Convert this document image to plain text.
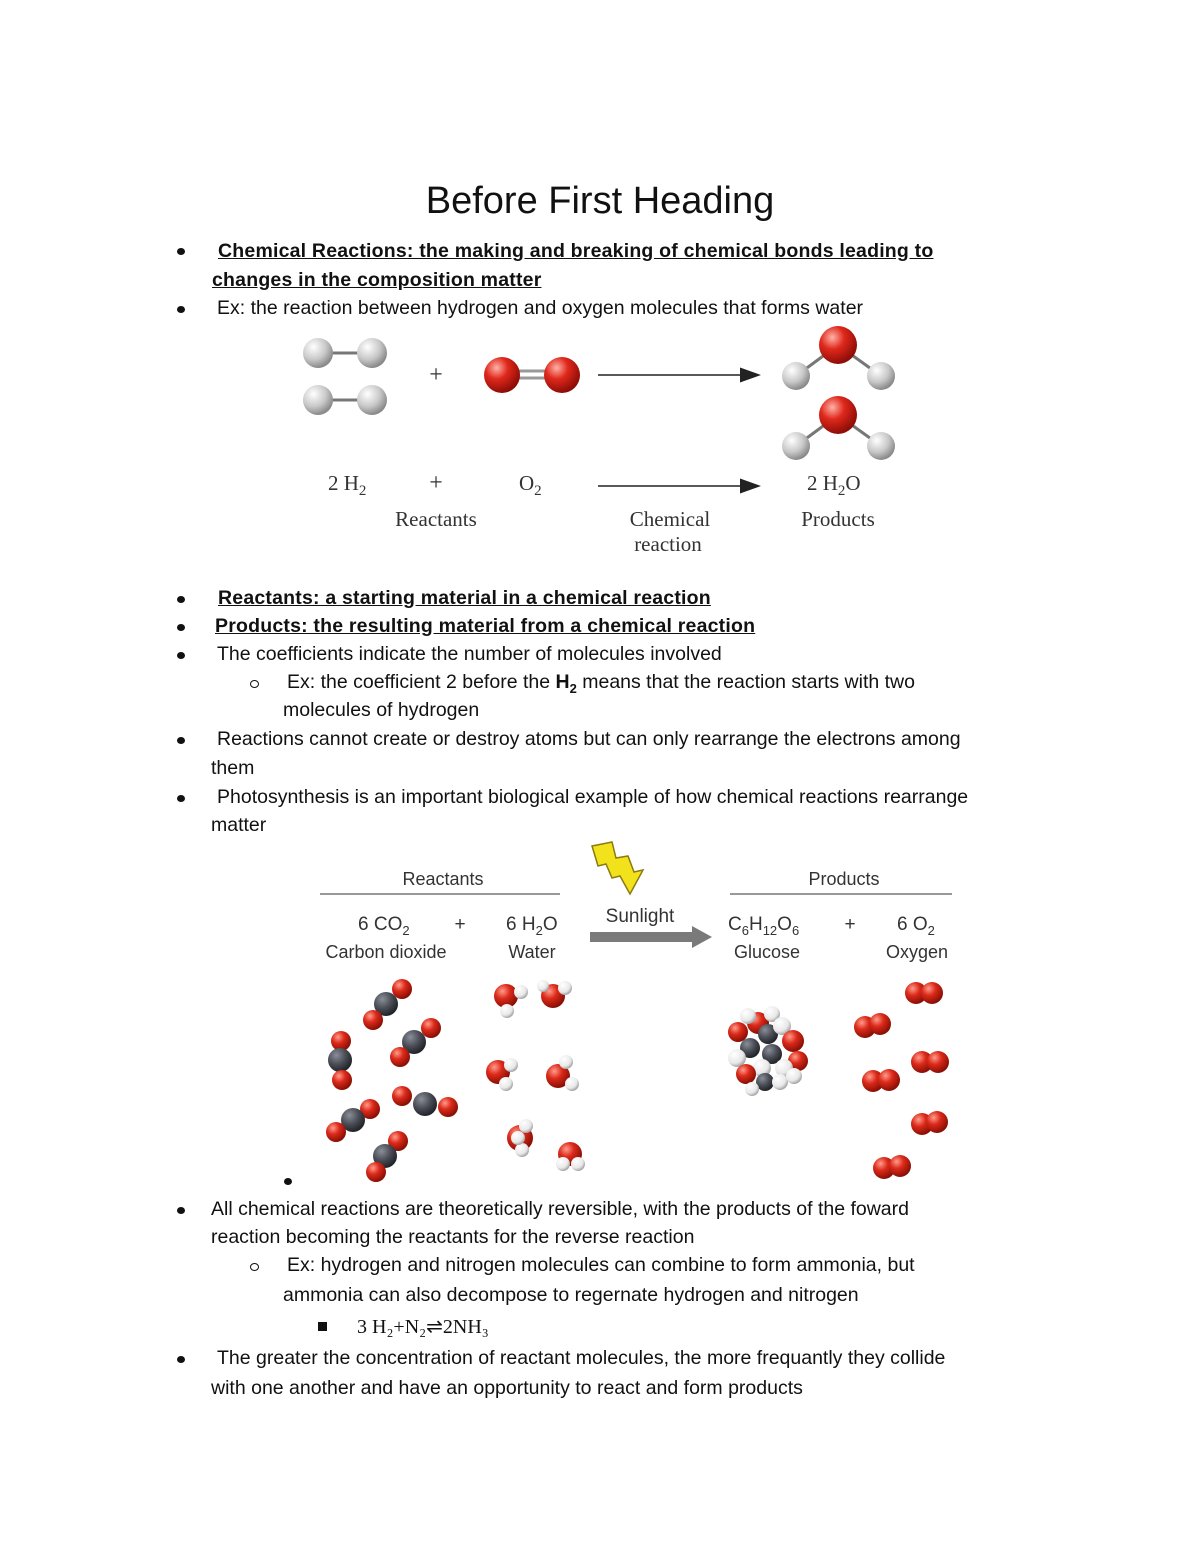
Before First Heading
Chemical Reactions: the making and breaking of chemical bonds leading to
changes in the composition matter
Ex: the reaction between hydrogen and oxygen molecules that forms water
+
2 $H_2$	+	$O_2$	2 $H_2O$
Reactants	Chemical
reaction
Products
Reactants: a starting material in a chemical reaction
Products: the resulting material from a chemical reaction
The coefficients indicate the number of molecules involved
Ex: the coefficient 2 before the $H_2$ means that the reaction starts with two
molecules of hydrogen
Reactions cannot create or destroy atoms but can only rearrange the electrons among
them
Photosynthesis is an important biological example of how chemical reactions rearrange
matter
Reactants	Products
Sunlight
6 $CO_2 + 6$ $H_2O$	$C_6H_{12}O_6 + 6$ $O_2$
Carbon dioxide	Water	Glucose	Oxygen
All chemical reactions are theoretically reversible, with the products of the foward
reaction becoming the reactants for the reverse reaction
Ex: hydrogen and nitrogen molecules can combine to form ammonia, but
ammonia can also decompose to regernate hydrogen and nitrogen
3 H₂+N₂⇌2NH₃
The greater the concentration of reactant molecules, the more frequantly they collide
with one another and have an opportunity to react and form products
